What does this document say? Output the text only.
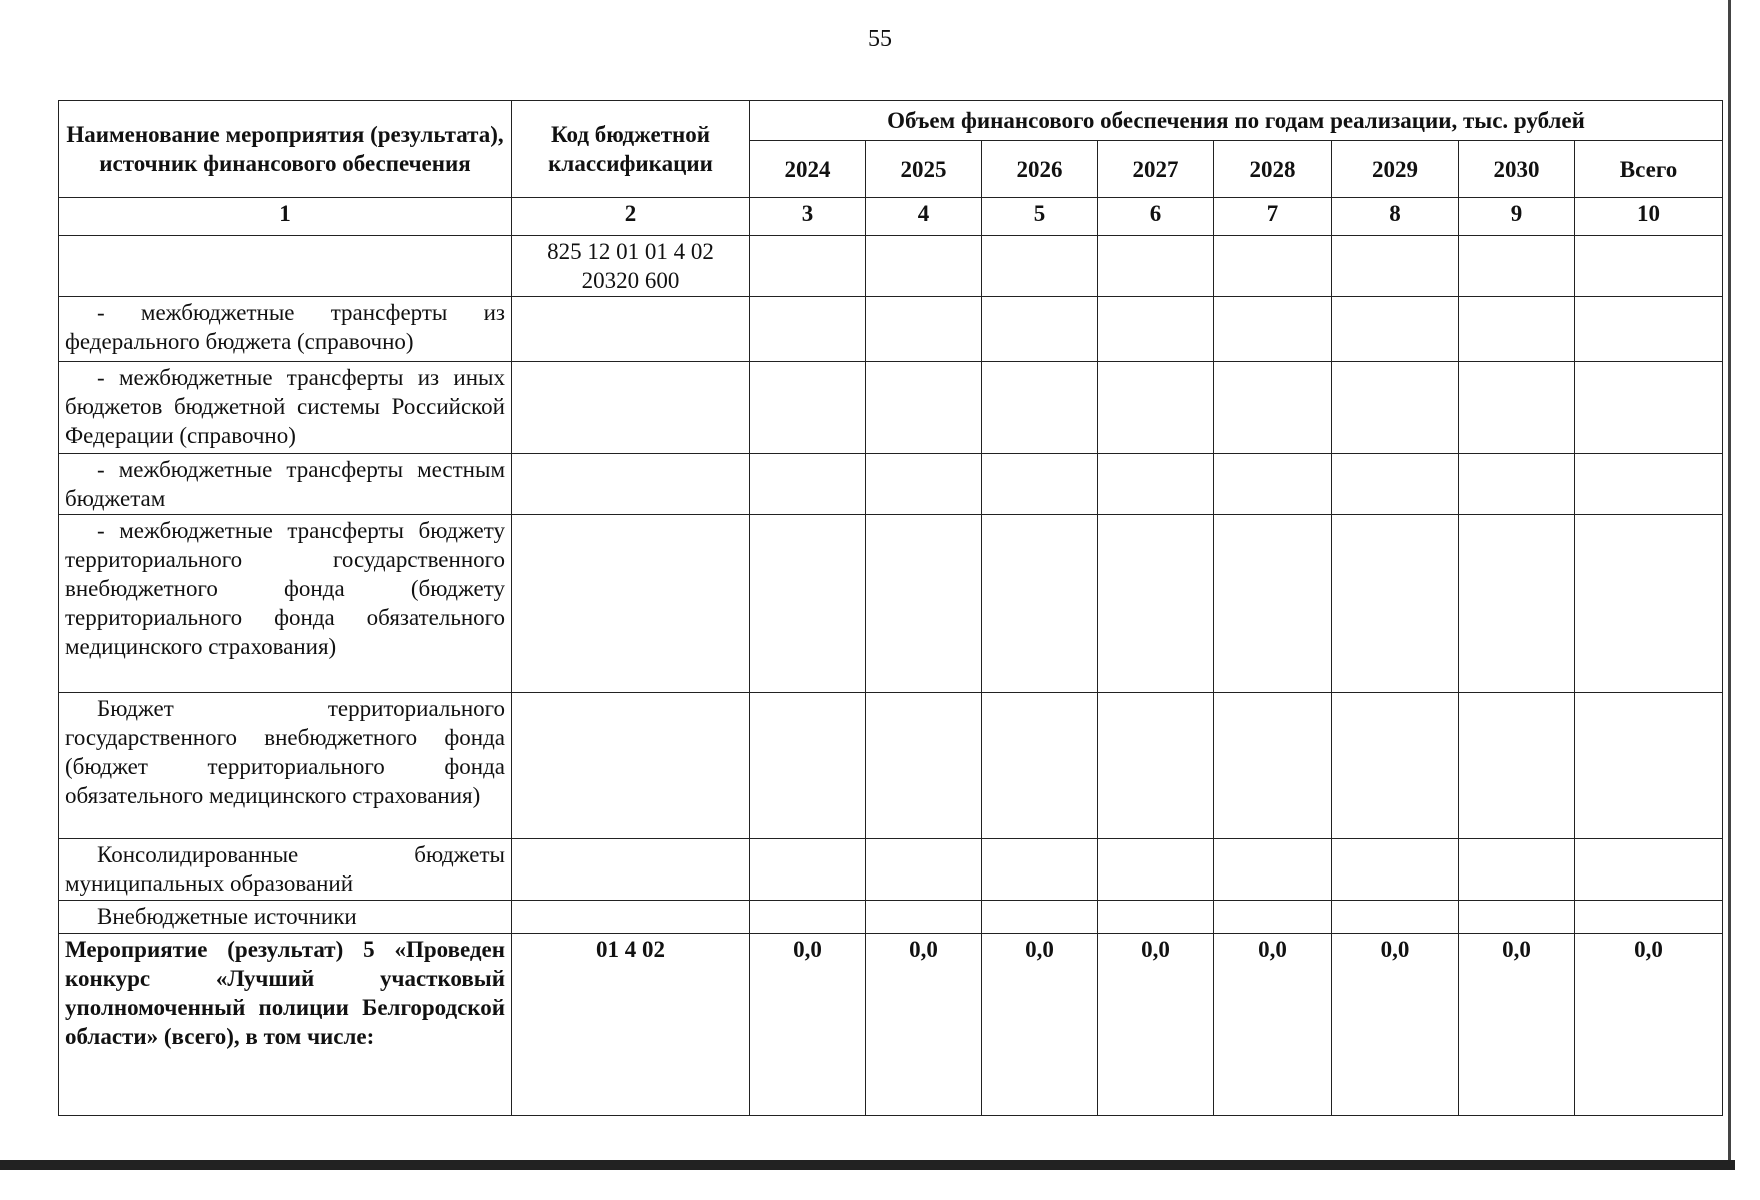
55
Наименование мероприятия (результата), источник финансового обеспечения	Код бюджетной классификации	Объем финансового обеспечения по годам реализации, тыс. рублей							
		2024	2025	2026	2027	2028	2029	2030	Всего
1	2	3	4	5	6	7	8	9	10
	825 12 01 01 4 02 20320 600								
- межбюджетные трансферты из федерального бюджета (справочно)									
- межбюджетные трансферты из иных бюджетов бюджетной системы Российской Федерации (справочно)									
- межбюджетные трансферты местным бюджетам									
- межбюджетные трансферты бюджету территориального государственного внебюджетного фонда (бюджету территориального фонда обязательного медицинского страхования)									
Бюджет территориального государственного внебюджетного фонда (бюджет территориального фонда обязательного медицинского страхования)									
Консолидированные бюджеты муниципальных образований									
Внебюджетные источники									
Мероприятие (результат) 5 «Проведен конкурс «Лучший участковый уполномоченный полиции Белгородской области» (всего), в том числе:	01 4 02	0,0	0,0	0,0	0,0	0,0	0,0	0,0	0,0
